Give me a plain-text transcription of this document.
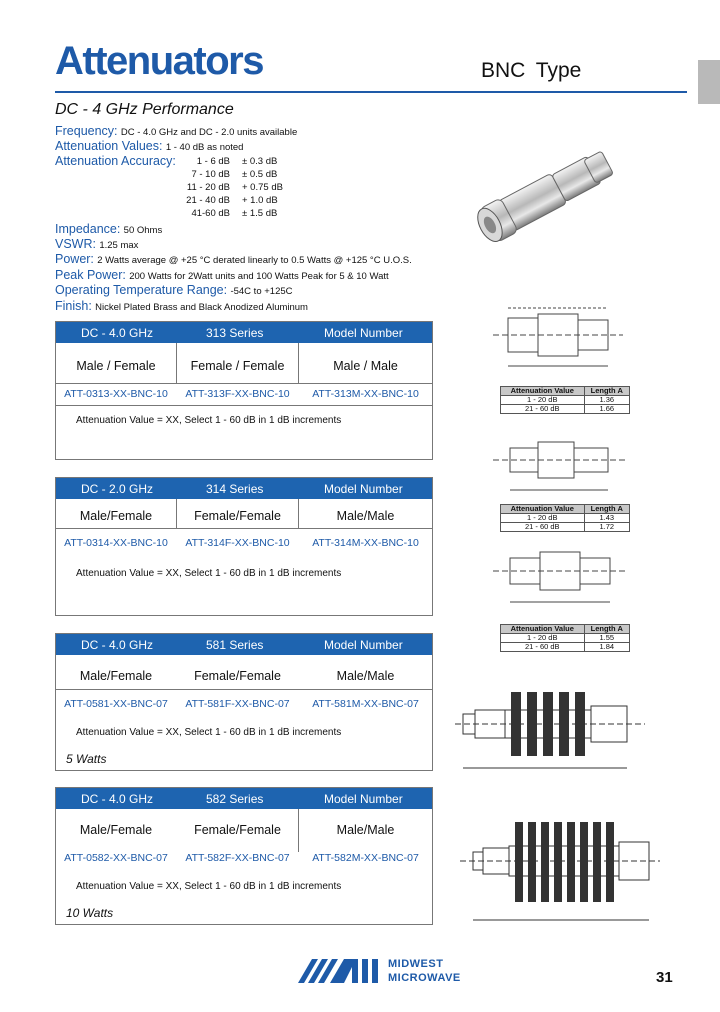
Attenuators	BNC Type
DC - 4 GHz Performance
Frequency: DC - 4.0 GHz and DC - 2.0 units available
Attenuation Values: 1 - 40 dB as noted
Attenuation Accuracy:	1 - 6 dB ± 0.3 dB
7 - 10 dB ± 0.5 dB
11 - 20 dB + 0.75 dB
21 - 40 dB + 1.0 dB
41-60 dB ± 1.5 dB
Impedance: 50 Ohms
VSWR: 1.25 max
Power: 2 Watts average @ +25 °C derated linearly to 0.5 Watts @ +125 °C U.O.S.
Peak Power: 200 Watts for 2Watt units and 100 Watts Peak for 5 & 10 Watt
Operating Temperature Range: -54C to +125C
Finish: Nickel Plated Brass and Black Anodized Aluminum
DC - 4.0 GHz	313 Series	Model Number
Male / Female	Female / Female	Male / Male
ATT-0313-XX-BNC-10	ATT-313F-XX-BNC-10	ATT-313M-XX-BNC-10
Attenuation Value = XX, Select 1 - 60 dB in 1 dB increments
DC - 2.0 GHz	314 Series	Model Number
Male/Female	Female/Female	Male/Male
ATT-0314-XX-BNC-10	ATT-314F-XX-BNC-10	ATT-314M-XX-BNC-10
Attenuation Value = XX, Select 1 - 60 dB in 1 dB increments
DC - 4.0 GHz	581 Series	Model Number
Male/Female	Female/Female	Male/Male
ATT-0581-XX-BNC-07	ATT-581F-XX-BNC-07	ATT-581M-XX-BNC-07
Attenuation Value = XX, Select 1 - 60 dB in 1 dB increments
5 Watts
DC - 4.0 GHz	582 Series	Model Number
Male/Female	Female/Female	Male/Male
ATT-0582-XX-BNC-07	ATT-582F-XX-BNC-07	ATT-582M-XX-BNC-07
Attenuation Value = XX, Select 1 - 60 dB in 1 dB increments
10 Watts
Attenuation Value	Length A
1 - 20 dB	1.36
21 - 60 dB	1.66
Attenuation Value	Length A
1 - 20 dB	1.43
21 - 60 dB	1.72
Attenuation Value	Length A
1 - 20 dB	1.55
21 - 60 dB	1.84
MIDWEST
MICROWAVE	31
